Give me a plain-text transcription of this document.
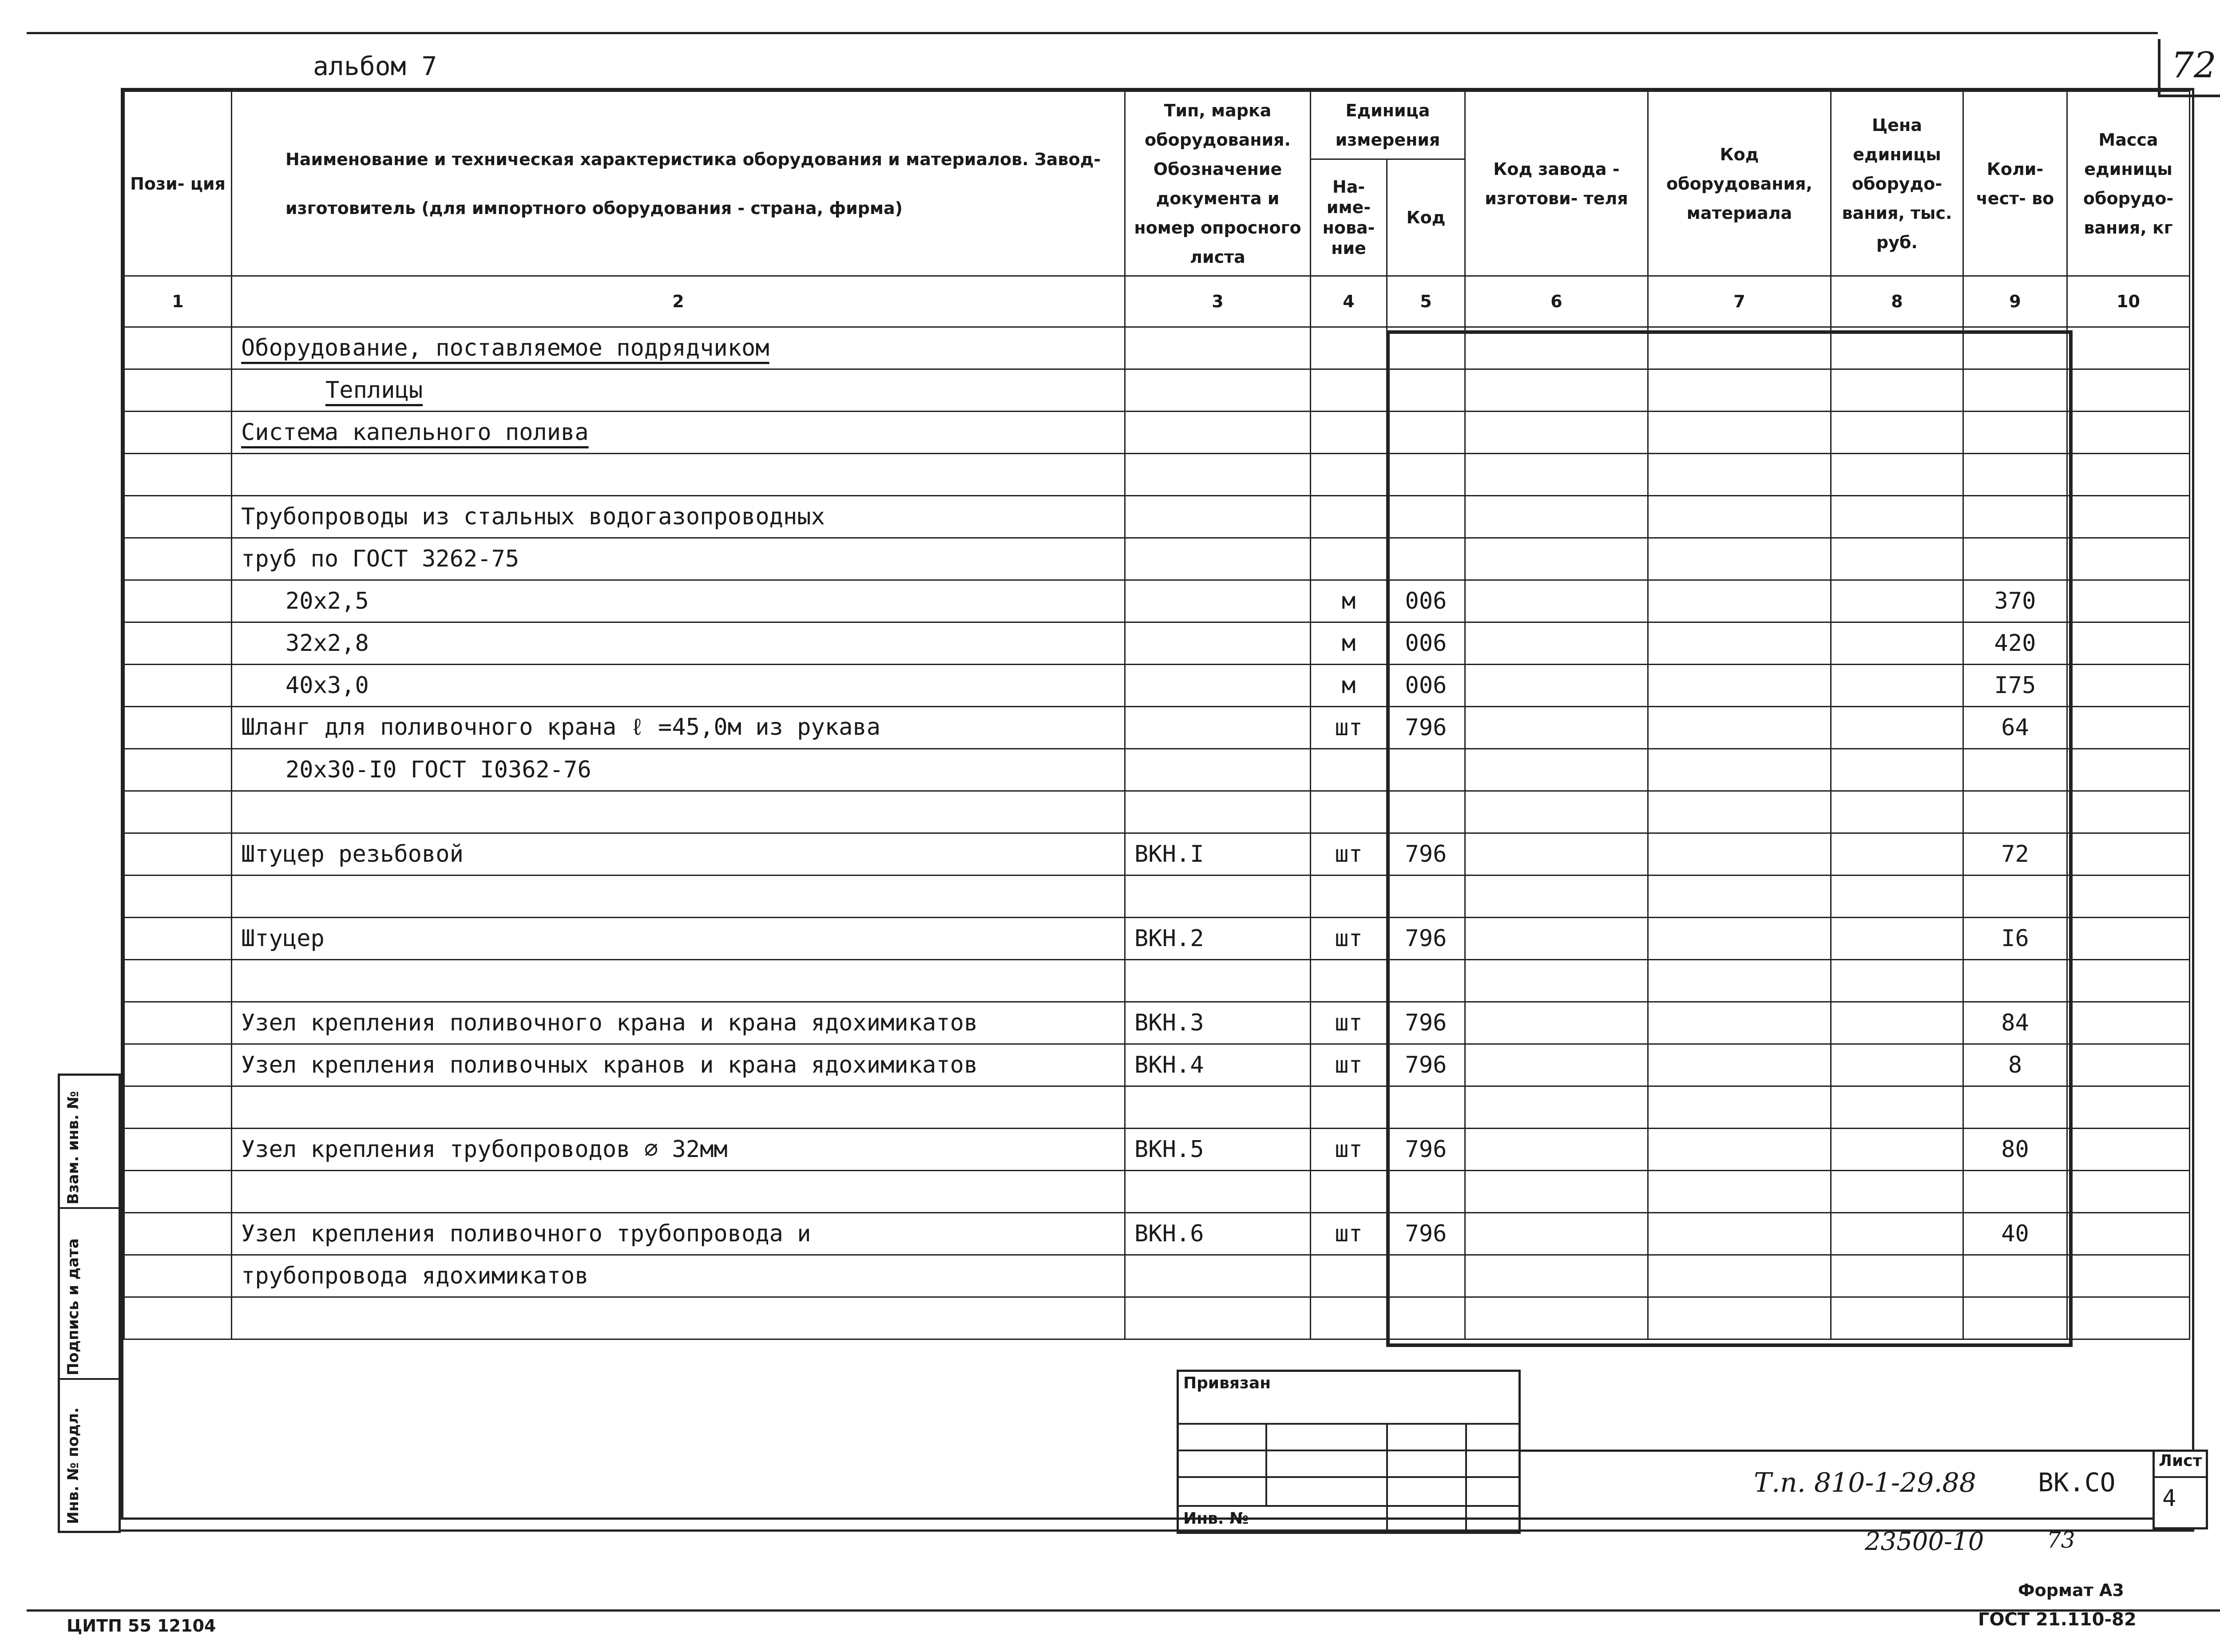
альбом 7	72
Пози- ция	Наименование и техническая характеристика оборудования и материалов. Завод-изготовитель (для импортного оборудования - страна, фирма)	Тип, марка оборудования. Обозначение документа и номер опросного листа	Единица измерения		Код завода - изготови- теля	Код оборудования, материала	Цена единицы оборудо- вания, тыс. руб.	Коли- чест- во	Масса единицы оборудо- вания, кг
			На- име- нова- ние	Код					
1	2	3	4	5	6	7	8	9	10
	Оборудование, поставляемое подрядчиком								
	Теплицы								
	Система капельного полива								

	Трубопроводы из стальных водогазопроводных								
	труб по ГОСТ 3262-75								
	20x2,5		м	006				370	
	32x2,8		м	006				420	
	40x3,0		м	006				I75	
	Шланг для поливочного крана ℓ =45,0м из рукава		шт	796				64	
	20x30-I0 ГОСТ I0362-76								

	Штуцер резьбовой	ВКН.I	шт	796				72	

	Штуцер	ВКН.2	шт	796				I6	

	Узел крепления поливочного крана и крана ядохимикатов	ВКН.3	шт	796				84	
	Узел крепления поливочных кранов и крана ядохимикатов	ВКН.4	шт	796				8	

	Узел крепления трубопроводов ∅ 32мм	ВКН.5	шт	796				80	

	Узел крепления поливочного трубопровода и	ВКН.6	шт	796				40	
	трубопровода ядохимикатов								

Взам. инв. №
Подпись и дата
Инв. № подл.
Привязан
Инв. №
Т.п. 810-1-29.88 ВК.СО
Лист
4
23500-10	73
Формат А3
ЦИТП 55 12104	ГОСТ 21.110-82
